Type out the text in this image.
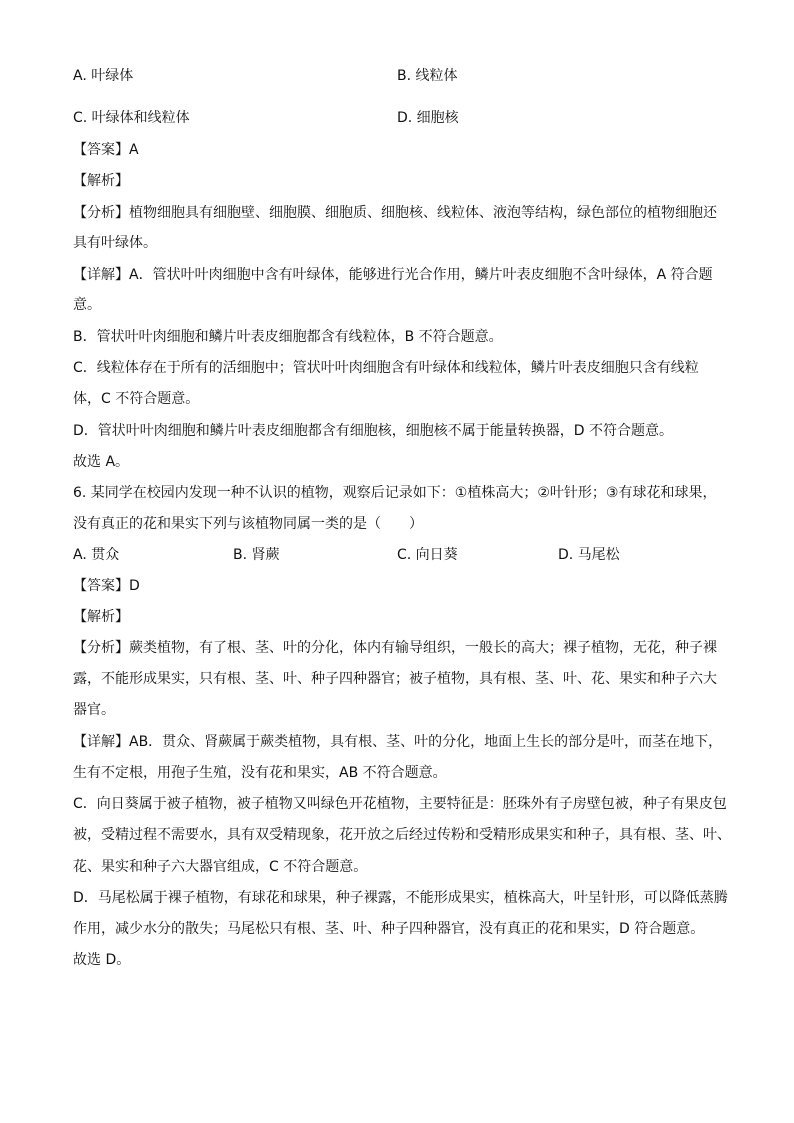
A. 叶绿体	B. 线粒体
C. 叶绿体和线粒体	D. 细胞核
【答案】A
【解析】
【分析】植物细胞具有细胞壁、细胞膜、细胞质、细胞核、线粒体、液泡等结构，绿色部位的植物细胞还
具有叶绿体。
【详解】A．管状叶叶肉细胞中含有叶绿体，能够进行光合作用，鳞片叶表皮细胞不含叶绿体，A 符合题
意。
B．管状叶叶肉细胞和鳞片叶表皮细胞都含有线粒体，B 不符合题意。
C．线粒体存在于所有的活细胞中；管状叶叶肉细胞含有叶绿体和线粒体，鳞片叶表皮细胞只含有线粒
体，C 不符合题意。
D．管状叶叶肉细胞和鳞片叶表皮细胞都含有细胞核，细胞核不属于能量转换器，D 不符合题意。
故选 A。
6. 某同学在校园内发现一种不认识的植物，观察后记录如下：①植株高大；②叶针形；③有球花和球果，
没有真正的花和果实下列与该植物同属一类的是（　　）
A. 贯众	B. 肾蕨	C. 向日葵	D. 马尾松
【答案】D
【解析】
【分析】蕨类植物，有了根、茎、叶的分化，体内有输导组织，一般长的高大；裸子植物，无花，种子裸
露，不能形成果实，只有根、茎、叶、种子四种器官；被子植物，具有根、茎、叶、花、果实和种子六大
器官。
【详解】AB．贯众、肾蕨属于蕨类植物，具有根、茎、叶的分化，地面上生长的部分是叶，而茎在地下，
生有不定根，用孢子生殖，没有花和果实，AB 不符合题意。
C．向日葵属于被子植物，被子植物又叫绿色开花植物，主要特征是：胚珠外有子房壁包被，种子有果皮包
被，受精过程不需要水，具有双受精现象，花开放之后经过传粉和受精形成果实和种子，具有根、茎、叶、
花、果实和种子六大器官组成，C 不符合题意。
D．马尾松属于裸子植物，有球花和球果，种子裸露，不能形成果实，植株高大，叶呈针形，可以降低蒸腾
作用，减少水分的散失；马尾松只有根、茎、叶、种子四种器官，没有真正的花和果实，D 符合题意。
故选 D。
